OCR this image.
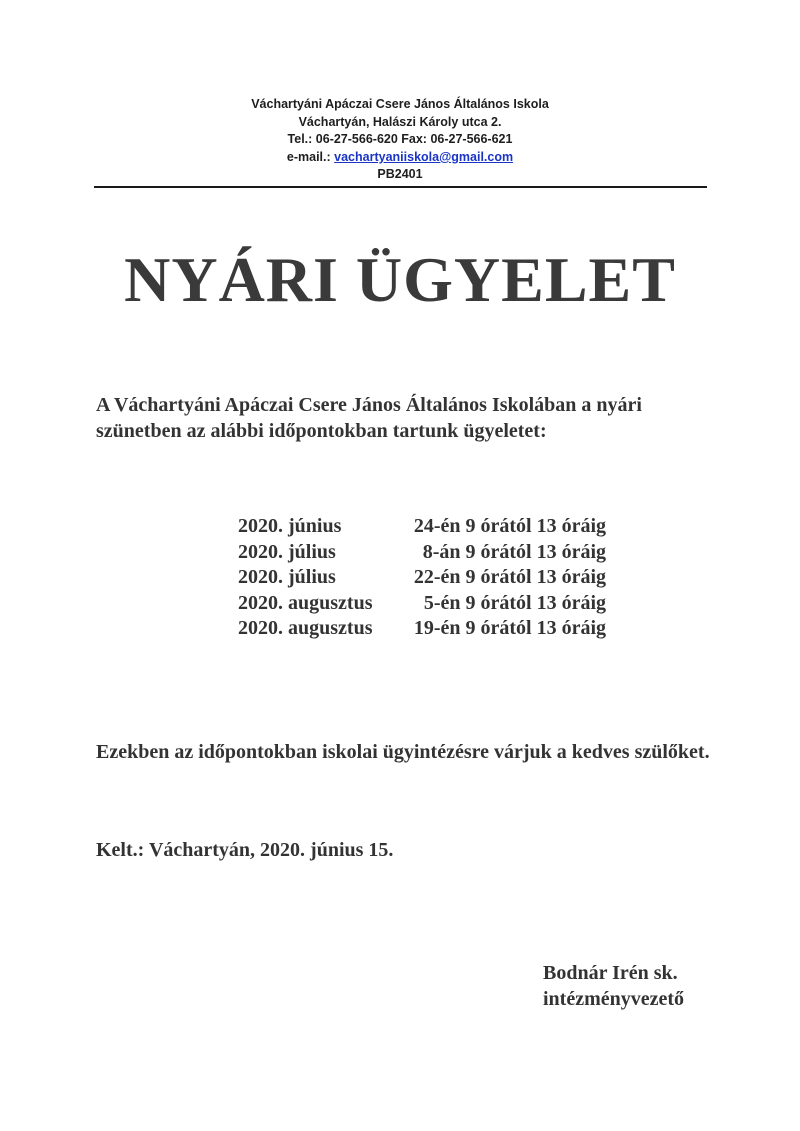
Váchartyáni Apáczai Csere János Általános Iskola
Váchartyán, Halászi Károly utca 2.
Tel.: 06-27-566-620 Fax: 06-27-566-621
e-mail.: vachartyaniiskola@gmail.com
PB2401
NYÁRI ÜGYELET
A Váchartyáni Apáczai Csere János Általános Iskolában a nyári szünetben az alábbi időpontokban tartunk ügyeletet:
2020. június	24-én 9 órától 13 óráig
2020. július	8-án 9 órától 13 óráig
2020. július	22-én 9 órától 13 óráig
2020. augusztus	5-én 9 órától 13 óráig
2020. augusztus	19-én 9 órától 13 óráig
Ezekben az időpontokban iskolai ügyintézésre várjuk a kedves szülőket.
Kelt.: Váchartyán, 2020. június 15.
Bodnár Irén sk.
intézményvezető
